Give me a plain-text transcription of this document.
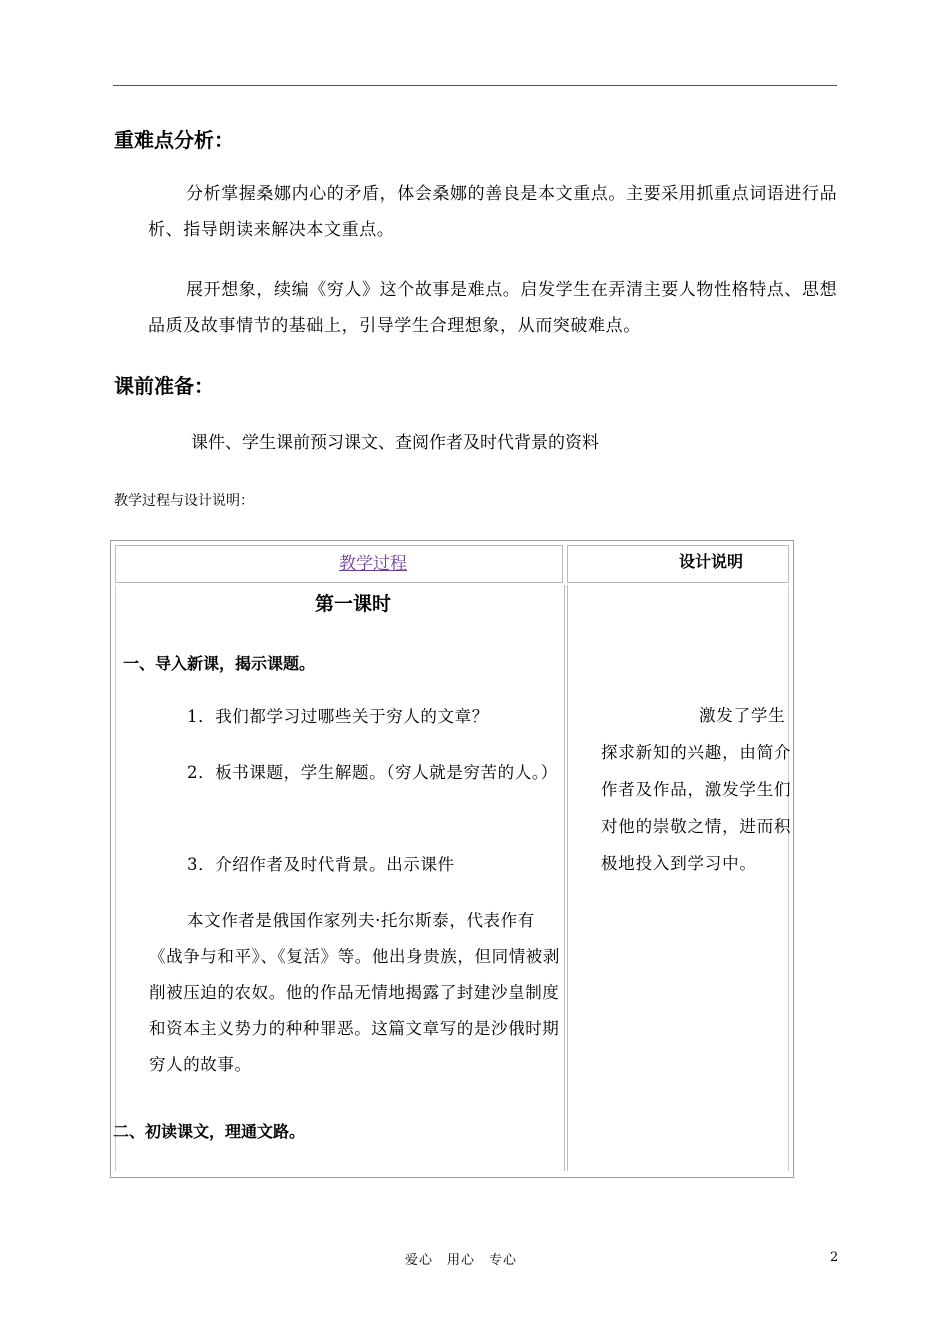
重难点分析：

分析掌握桑娜内心的矛盾，体会桑娜的善良是本文重点。主要采用抓重点词语进行品析、指导朗读来解决本文重点。

展开想象，续编《穷人》这个故事是难点。启发学生在弄清主要人物性格特点、思想品质及故事情节的基础上，引导学生合理想象，从而突破难点。

课前准备：
课件、学生课前预习课文、查阅作者及时代背景的资料
教学过程与设计说明：
教学过程	设计说明
第一课时
一、导入新课，揭示课题。

1．我们都学习过哪些关于穷人的文章？

2．板书课题，学生解题。（穷人就是穷苦的人。）

3．介绍作者及时代背景。出示课件

本文作者是俄国作家列夫·托尔斯泰，代表作有《战争与和平》、《复活》等。他出身贵族，但同情被剥削被压迫的农奴。他的作品无情地揭露了封建沙皇制度和资本主义势力的种种罪恶。这篇文章写的是沙俄时期穷人的故事。

二、初读课文，理通文路。

激发了学生探求新知的兴趣，由简介作者及作品，激发学生们对他的崇敬之情，进而积极地投入到学习中。

爱心　用心　专心	2
